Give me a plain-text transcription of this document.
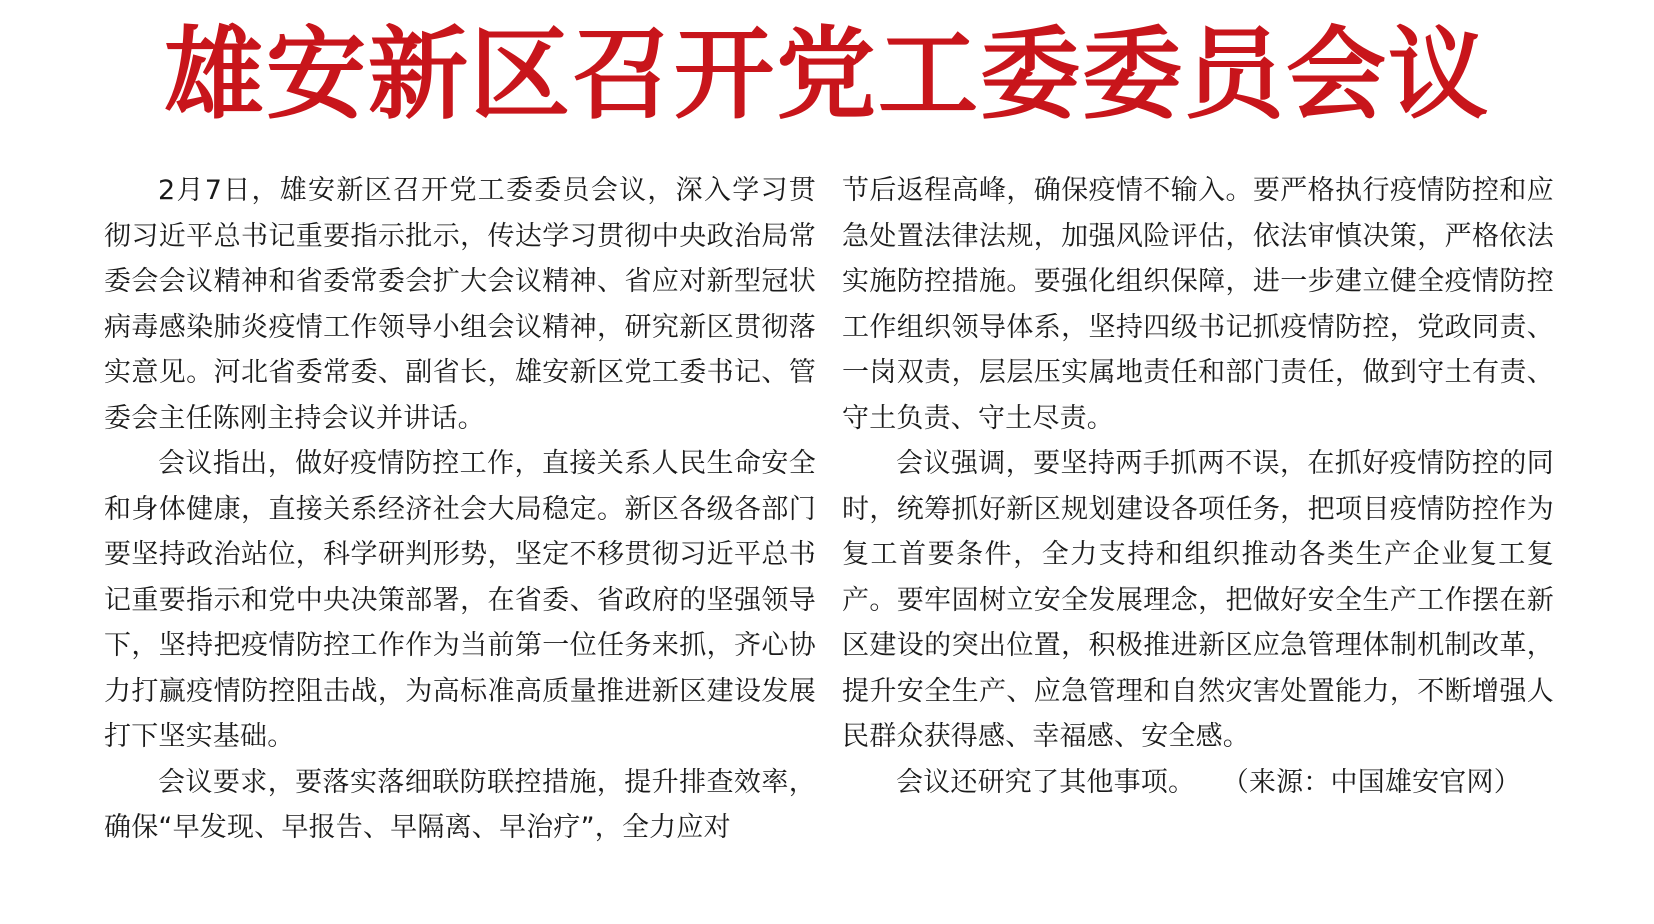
雄安新区召开党工委委员会议

2月7日，雄安新区召开党工委委员会议，深入学习贯彻习近平总书记重要指示批示，传达学习贯彻中央政治局常委会会议精神和省委常委会扩大会议精神、省应对新型冠状病毒感染肺炎疫情工作领导小组会议精神，研究新区贯彻落实意见。河北省委常委、副省长，雄安新区党工委书记、管委会主任陈刚主持会议并讲话。

会议指出，做好疫情防控工作，直接关系人民生命安全和身体健康，直接关系经济社会大局稳定。新区各级各部门要坚持政治站位，科学研判形势，坚定不移贯彻习近平总书记重要指示和党中央决策部署，在省委、省政府的坚强领导下，坚持把疫情防控工作作为当前第一位任务来抓，齐心协力打赢疫情防控阻击战，为高标准高质量推进新区建设发展打下坚实基础。

会议要求，要落实落细联防联控措施，提升排查效率，确保“早发现、早报告、早隔离、早治疗”，全力应对

节后返程高峰，确保疫情不输入。要严格执行疫情防控和应急处置法律法规，加强风险评估，依法审慎决策，严格依法实施防控措施。要强化组织保障，进一步建立健全疫情防控工作组织领导体系，坚持四级书记抓疫情防控，党政同责、一岗双责，层层压实属地责任和部门责任，做到守土有责、守土负责、守土尽责。

会议强调，要坚持两手抓两不误，在抓好疫情防控的同时，统筹抓好新区规划建设各项任务，把项目疫情防控作为复工首要条件，全力支持和组织推动各类生产企业复工复产。要牢固树立安全发展理念，把做好安全生产工作摆在新区建设的突出位置，积极推进新区应急管理体制机制改革，提升安全生产、应急管理和自然灾害处置能力，不断增强人民群众获得感、幸福感、安全感。

会议还研究了其他事项。 （来源：中国雄安官网）
